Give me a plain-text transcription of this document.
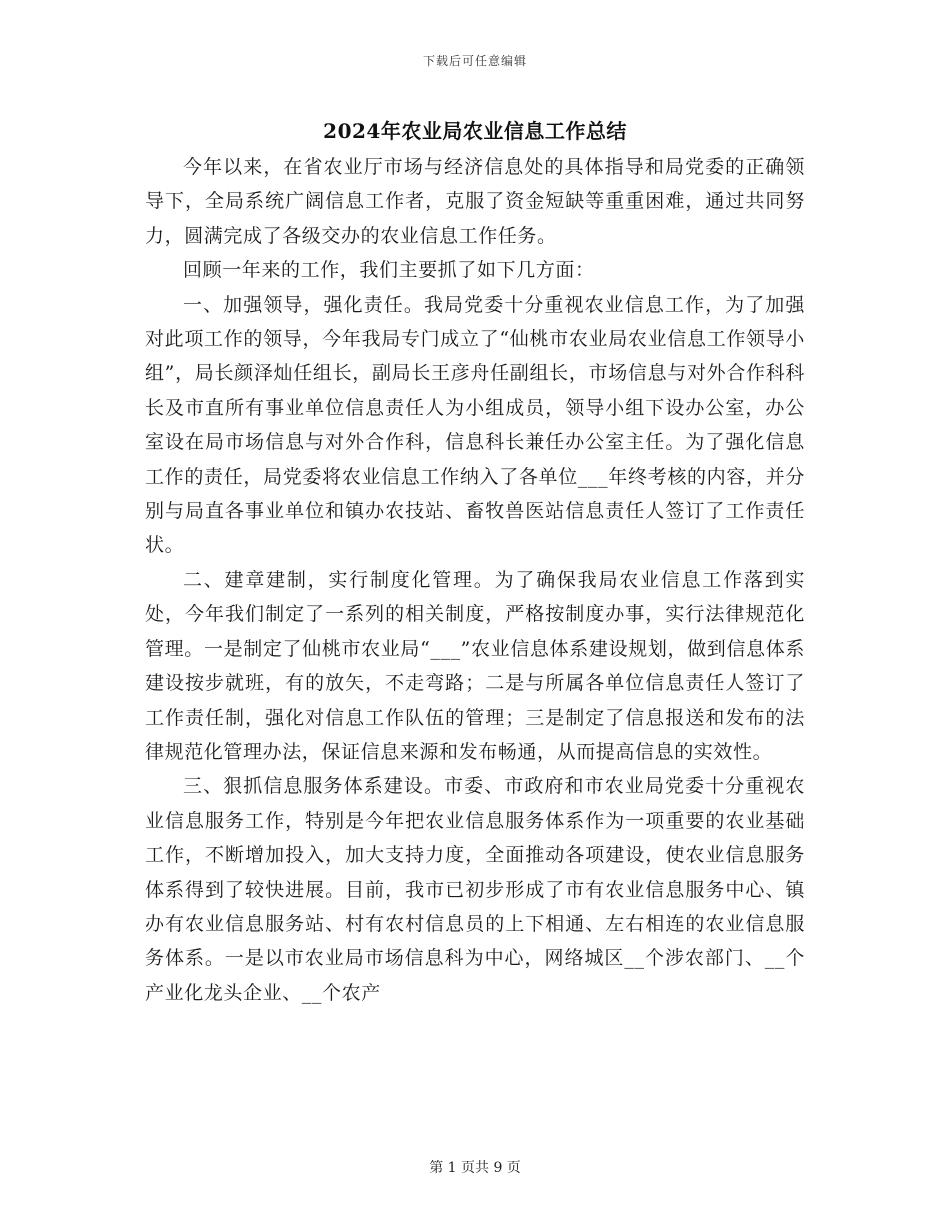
下载后可任意编辑
2024年农业局农业信息工作总结

今年以来，在省农业厅市场与经济信息处的具体指导和局党委的正确领导下，全局系统广阔信息工作者，克服了资金短缺等重重困难，通过共同努力，圆满完成了各级交办的农业信息工作任务。

回顾一年来的工作，我们主要抓了如下几方面：

一、加强领导，强化责任。我局党委十分重视农业信息工作，为了加强对此项工作的领导，今年我局专门成立了“仙桃市农业局农业信息工作领导小组”，局长颜泽灿任组长，副局长王彦舟任副组长，市场信息与对外合作科科长及市直所有事业单位信息责任人为小组成员，领导小组下设办公室，办公室设在局市场信息与对外合作科，信息科长兼任办公室主任。为了强化信息工作的责任，局党委将农业信息工作纳入了各单位___年终考核的内容，并分别与局直各事业单位和镇办农技站、畜牧兽医站信息责任人签订了工作责任状。

二、建章建制，实行制度化管理。为了确保我局农业信息工作落到实处，今年我们制定了一系列的相关制度，严格按制度办事，实行法律规范化管理。一是制定了仙桃市农业局“___”农业信息体系建设规划，做到信息体系建设按步就班，有的放矢，不走弯路；二是与所属各单位信息责任人签订了工作责任制，强化对信息工作队伍的管理；三是制定了信息报送和发布的法律规范化管理办法，保证信息来源和发布畅通，从而提高信息的实效性。

三、狠抓信息服务体系建设。市委、市政府和市农业局党委十分重视农业信息服务工作，特别是今年把农业信息服务体系作为一项重要的农业基础工作，不断增加投入，加大支持力度，全面推动各项建设，使农业信息服务体系得到了较快进展。目前，我市已初步形成了市有农业信息服务中心、镇办有农业信息服务站、村有农村信息员的上下相通、左右相连的农业信息服务体系。一是以市农业局市场信息科为中心，网络城区__个涉农部门、__个产业化龙头企业、__个农产

第 1 页共 9 页
